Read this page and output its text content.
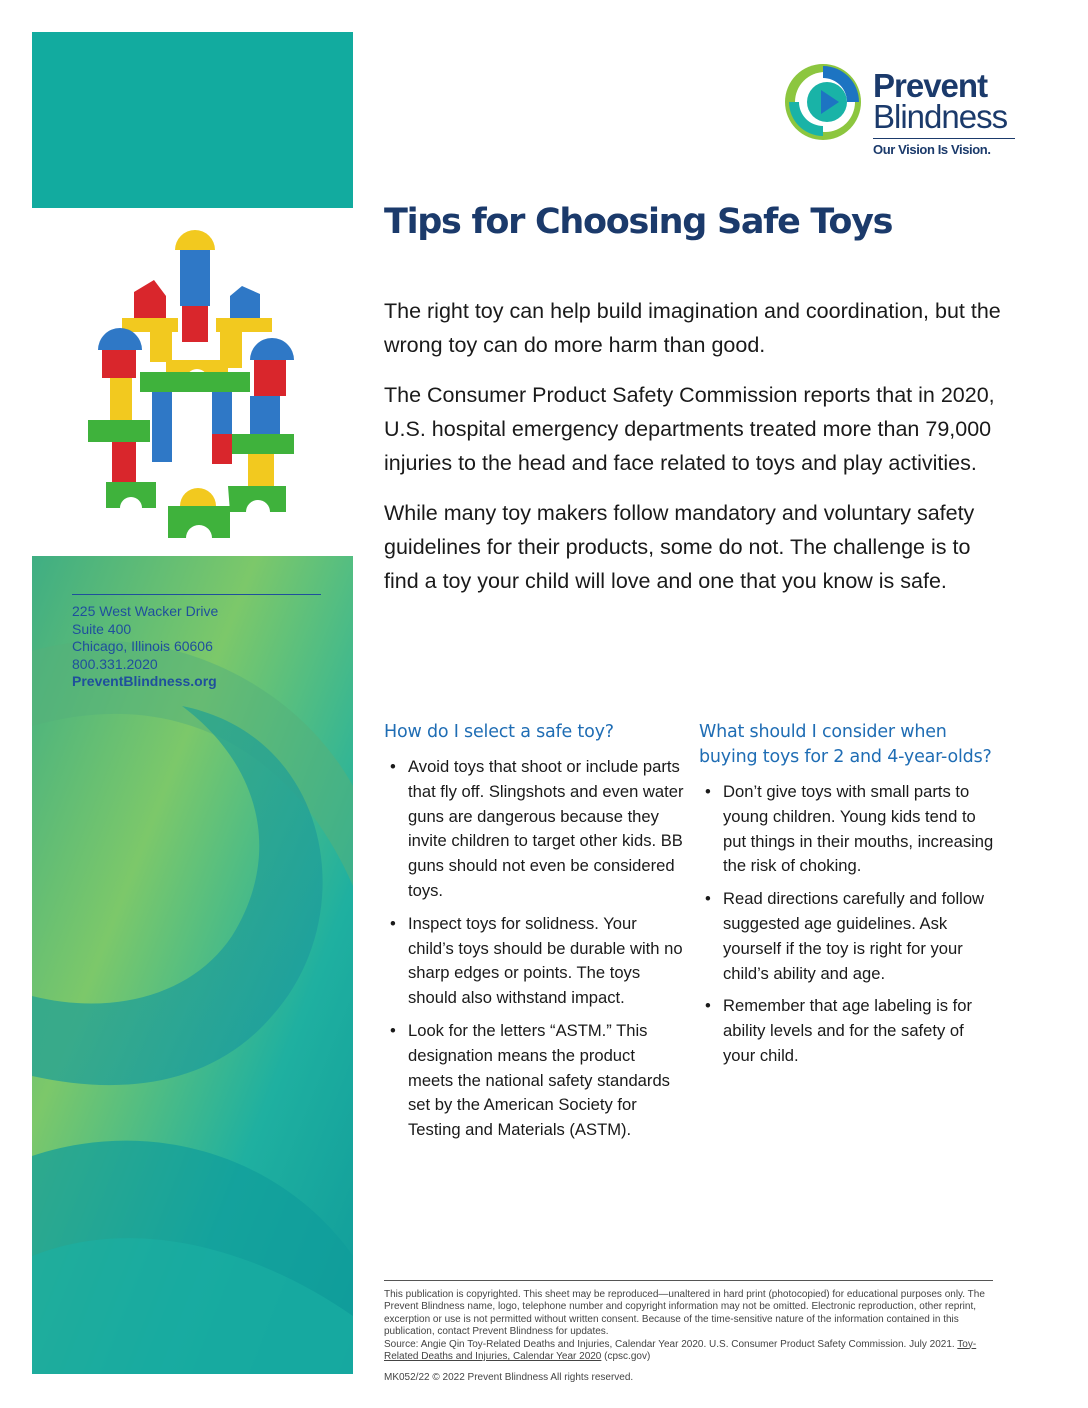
225 West Wacker Drive
Suite 400
Chicago, Illinois 60606
800.331.2020
PreventBlindness.org
Prevent
Blindness
Our Vision Is Vision.
Tips for Choosing Safe Toys

The right toy can help build imagination and coordination, but the wrong toy can do more harm than good.

The Consumer Product Safety Commission reports that in 2020, U.S. hospital emergency departments treated more than 79,000 injuries to the head and face related to toys and play activities.

While many toy makers follow mandatory and voluntary safety guidelines for their products, some do not. The challenge is to find a toy your child will love and one that you know is safe.

How do I select a safe toy?
• Avoid toys that shoot or include parts that fly off. Slingshots and even water guns are dangerous because they invite children to target other kids. BB guns should not even be considered toys.
• Inspect toys for solidness. Your child’s toys should be durable with no sharp edges or points. The toys should also withstand impact.
• Look for the letters “ASTM.” This designation means the product meets the national safety standards set by the American Society for Testing and Materials (ASTM).
What should I consider when buying toys for 2 and 4-year-olds?
• Don’t give toys with small parts to young children. Young kids tend to put things in their mouths, increasing the risk of choking.
• Read directions carefully and follow suggested age guidelines. Ask yourself if the toy is right for your child’s ability and age.
• Remember that age labeling is for ability levels and for the safety of your child.
This publication is copyrighted. This sheet may be reproduced—unaltered in hard print (photocopied) for educational purposes only. The Prevent Blindness name, logo, telephone number and copyright information may not be omitted. Electronic reproduction, other reprint, excerption or use is not permitted without written consent. Because of the time-sensitive nature of the information contained in this publication, contact Prevent Blindness for updates.
Source: Angie Qin Toy-Related Deaths and Injuries, Calendar Year 2020. U.S. Consumer Product Safety Commission. July 2021. Toy-Related Deaths and Injuries, Calendar Year 2020 (cpsc.gov)
MK052/22 © 2022 Prevent Blindness All rights reserved.
